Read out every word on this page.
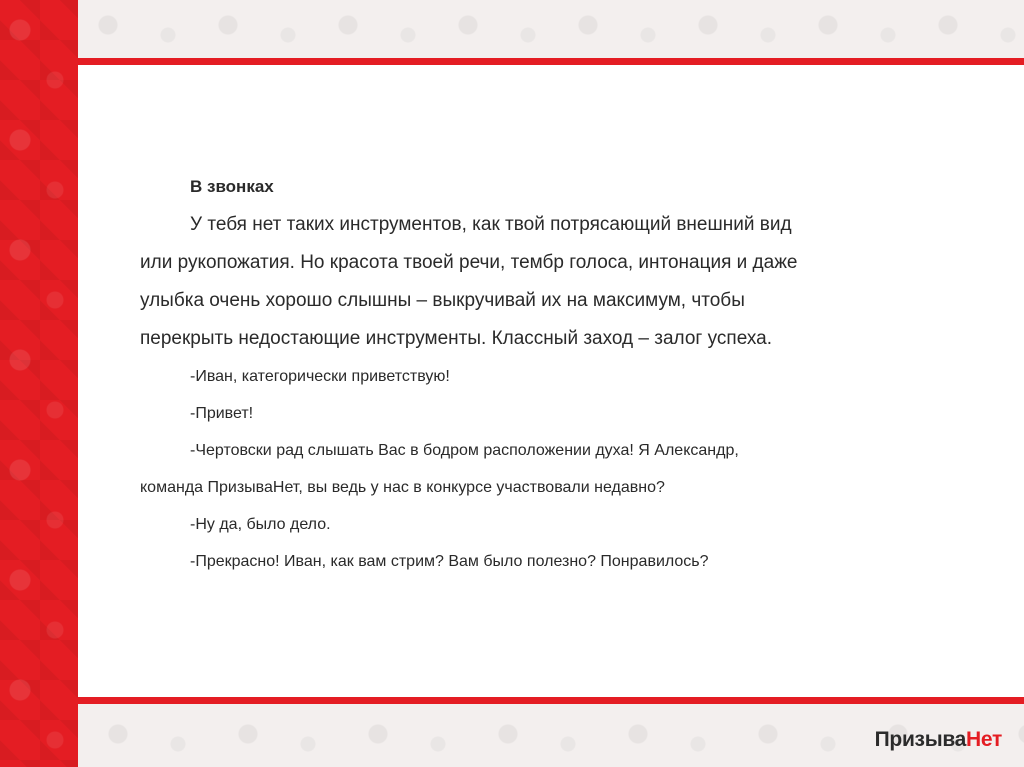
В звонках

У тебя нет таких инструментов, как твой потрясающий внешний вид
или рукопожатия. Но красота твоей речи, тембр голоса, интонация и даже
улыбка очень хорошо слышны – выкручивай их на максимум, чтобы
перекрыть недостающие инструменты. Классный заход – залог успеха.

-Иван, категорически приветствую!
-Привет!
-Чертовски рад слышать Вас в бодром расположении духа! Я Александр,
команда ПризываНет, вы ведь у нас в конкурсе участвовали недавно?
-Ну да, было дело.
-Прекрасно! Иван, как вам стрим? Вам было полезно? Понравилось?
ПризываНет
